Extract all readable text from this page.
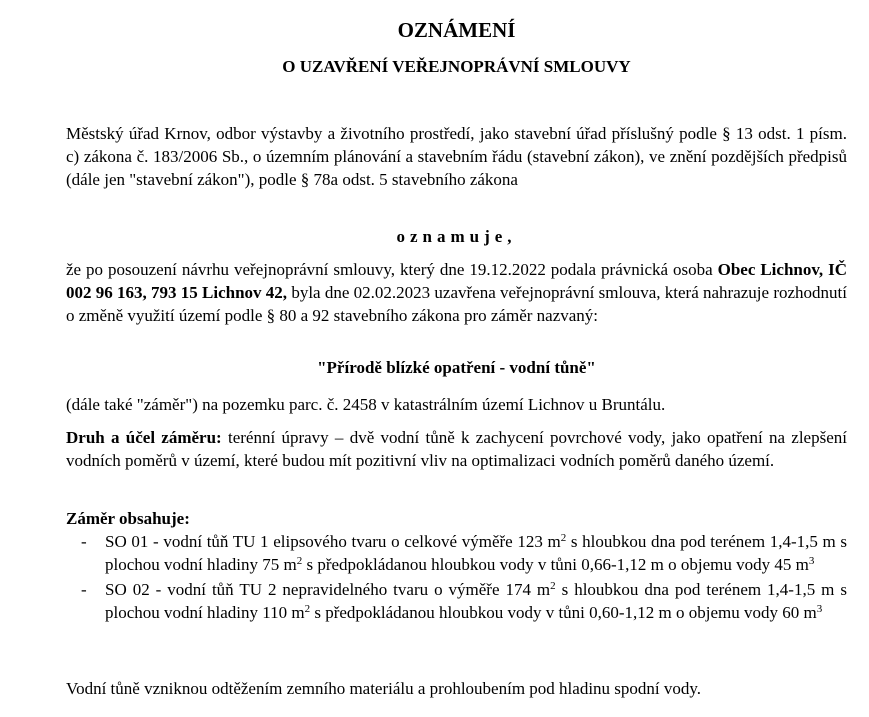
OZNÁMENÍ
O UZAVŘENÍ VEŘEJNOPRÁVNÍ SMLOUVY

Městský úřad Krnov, odbor výstavby a životního prostředí, jako stavební úřad příslušný podle § 13 odst. 1 písm. c) zákona č. 183/2006 Sb., o územním plánování a stavebním řádu (stavební zákon), ve znění pozdějších předpisů (dále jen "stavební zákon"), podle § 78a odst. 5 stavebního zákona

oznamuje,

že po posouzení návrhu veřejnoprávní smlouvy, který dne 19.12.2022 podala právnická osoba Obec Lichnov, IČ 002 96 163, 793 15 Lichnov 42, byla dne 02.02.2023 uzavřena veřejnoprávní smlouva, která nahrazuje rozhodnutí o změně využití území podle § 80 a 92 stavebního zákona pro záměr nazvaný:

"Přírodě blízké opatření - vodní tůně"

(dále také "záměr") na pozemku parc. č. 2458 v katastrálním území Lichnov u Bruntálu.

Druh a účel záměru: terénní úpravy – dvě vodní tůně k zachycení povrchové vody, jako opatření na zlepšení vodních poměrů v území, které budou mít pozitivní vliv na optimalizaci vodních poměrů daného území.

Záměr obsahuje:

- SO 01 - vodní tůň TU 1 elipsového tvaru o celkové výměře 123 $m^2$ s hloubkou dna pod terénem 1,4-1,5 m s plochou vodní hladiny 75 $m^2$ s předpokládanou hloubkou vody v tůni 0,66-1,12 m o objemu vody 45 $m^3$
- SO 02 - vodní tůň TU 2 nepravidelného tvaru o výměře 174 $m^2$ s hloubkou dna pod terénem 1,4-1,5 m s plochou vodní hladiny 110 $m^2$ s předpokládanou hloubkou vody v tůni 0,60-1,12 m o objemu vody 60 $m^3$

Vodní tůně vzniknou odtěžením zemního materiálu a prohloubením pod hladinu spodní vody.
